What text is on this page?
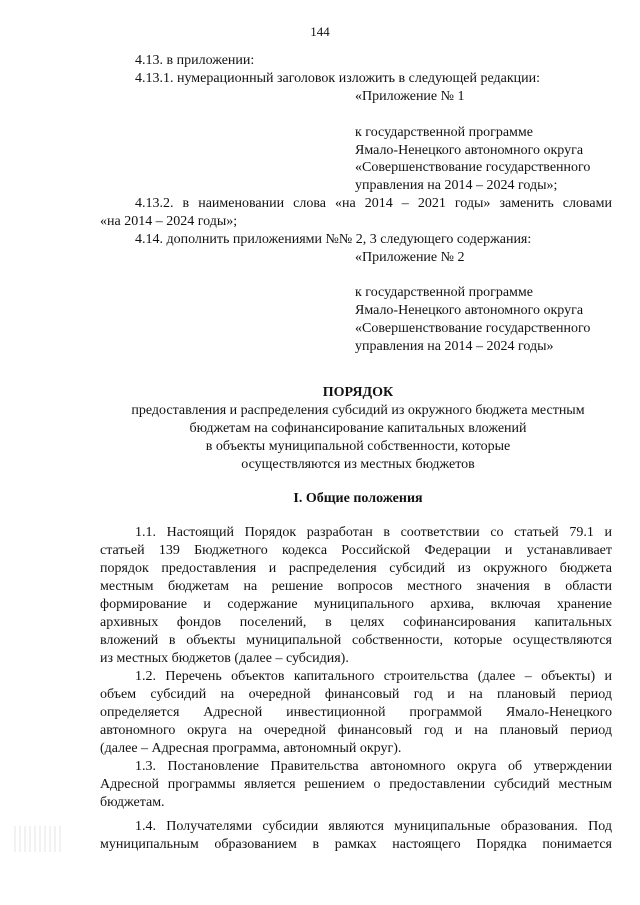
144
4.13. в приложении:
4.13.1. нумерационный заголовок изложить в следующей редакции:
«Приложение № 1
к государственной программе
Ямало-Ненецкого автономного округа
«Совершенствование государственного
управления на 2014 – 2024 годы»;
4.13.2. в наименовании слова «на 2014 – 2021 годы» заменить словами
«на 2014 – 2024 годы»;
4.14. дополнить приложениями №№ 2, 3 следующего содержания:
«Приложение № 2
к государственной программе
Ямало-Ненецкого автономного округа
«Совершенствование государственного
управления на 2014 – 2024 годы»
ПОРЯДОК
предоставления и распределения субсидий из окружного бюджета местным
бюджетам на софинансирование капитальных вложений
в объекты муниципальной собственности, которые
осуществляются из местных бюджетов
I. Общие положения
1.1. Настоящий Порядок разработан в соответствии со статьей 79.1 и
статьей 139 Бюджетного кодекса Российской Федерации и устанавливает
порядок предоставления и распределения субсидий из окружного бюджета
местным бюджетам на решение вопросов местного значения в области
формирование и содержание муниципального архива, включая хранение
архивных фондов поселений, в целях софинансирования капитальных
вложений в объекты муниципальной собственности, которые осуществляются
из местных бюджетов (далее – субсидия).
1.2. Перечень объектов капитального строительства (далее – объекты) и
объем субсидий на очередной финансовый год и на плановый период
определяется Адресной инвестиционной программой Ямало-Ненецкого
автономного округа на очередной финансовый год и на плановый период
(далее – Адресная программа, автономный округ).
1.3. Постановление Правительства автономного округа об утверждении
Адресной программы является решением о предоставлении субсидий местным
бюджетам.
1.4. Получателями субсидии являются муниципальные образования. Под
муниципальным образованием в рамках настоящего Порядка понимается
